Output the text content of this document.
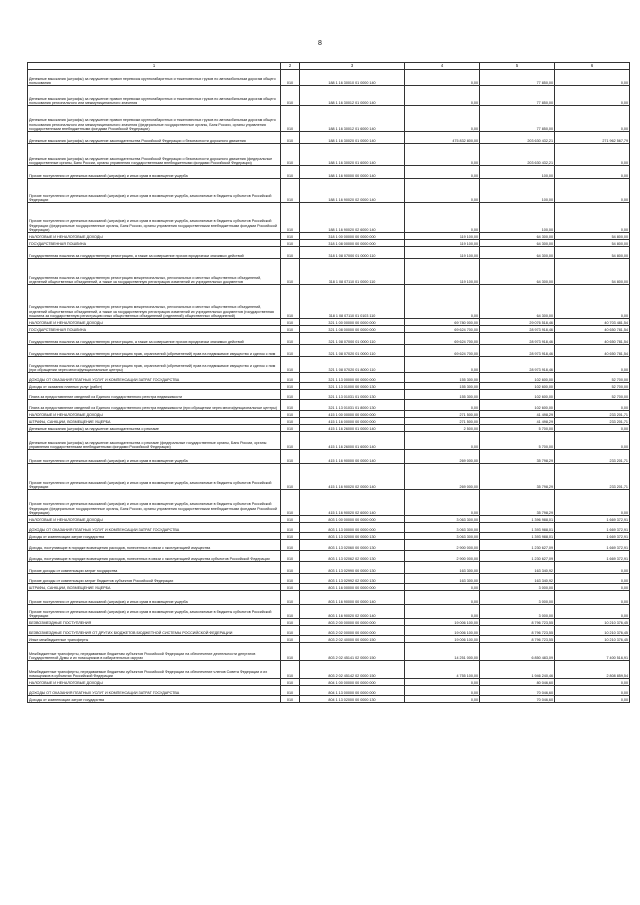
8
1	2	3	4	5	6
Денежные взыскания (штрафы) за нарушение правил перевозок крупногабаритных и тяжеловесных грузов по автомобильным дорогам общего пользования	010	188 1 16 30010 01 0000 140	0,00	77 850,00	0,00
Денежные взыскания (штрафы) за нарушение правил перевозки крупногабаритных и тяжеловесных грузов по автомобильным дорогам общего пользования регионального или межмуниципального значения	010	188 1 16 30012 01 0000 140	0,00	77 850,00	0,00
Денежные взыскания (штрафы) за нарушение правил перевозки крупногабаритных и тяжеловесных грузов по автомобильным дорогам общего пользования регионального или межмуниципального значения (федеральные государственные органы, Банк России, органы управления государственными внебюджетными фондами Российской Федерации)	010	188 1 16 30012 01 6000 140	0,00	77 850,00	0,00
Денежные взыскания (штрафы) за нарушение законодательства Российской Федерации о безопасности дорожного движения	010	188 1 16 30020 01 0000 140	475 832 800,00	203 630 432,21	271 962 567,79
Денежные взыскания (штрафы) за нарушение законодательства Российской Федерации о безопасности дорожного движения (федеральные государственные органы, Банк России, органы управления государственными внебюджетными фондами Российской Федерации)	010	188 1 16 30020 01 6000 140	0,00	203 630 432,21	0,00
Прочие поступления от денежных взысканий (штрафов) и иных сумм в возмещение ущерба	010	188 1 16 90000 00 0000 140	0,00	100,00	0,00
Прочие поступления от денежных взысканий (штрафов) и иных сумм в возмещение ущерба, зачисляемые в бюджеты субъектов Российской Федерации	010	188 1 16 90020 02 0000 140	0,00	100,00	0,00
Прочие поступления от денежных взысканий (штрафов) и иных сумм в возмещение ущерба, зачисляемые в бюджеты субъектов Российской Федерации (федеральные государственные органы, Банк России, органы управления государственными внебюджетными фондами Российской Федерации)	010	188 1 16 90020 02 6000 140	0,00	100,00	0,00
НАЛОГОВЫЕ И НЕНАЛОГОВЫЕ ДОХОДЫ	010	318 1 00 00000 00 0000 000	119 100,00	64 300,00	54 800,00
ГОСУДАРСТВЕННАЯ ПОШЛИНА	010	318 1 08 00000 00 0000 000	119 100,00	64 300,00	54 800,00
Государственная пошлина за государственную регистрацию, а также за совершение прочих юридически значимых действий	010	318 1 08 07000 01 0000 110	119 100,00	64 300,00	54 800,00
Государственная пошлина за государственную регистрацию межрегиональных, региональных и местных общественных объединений, отделений общественных объединений, а также за государственную регистрацию изменений их учредительных документов	010	318 1 08 07110 01 0000 110	119 100,00	64 300,00	54 800,00
Государственная пошлина за государственную регистрацию межрегиональных, региональных и местных общественных объединений, отделений общественных объединений, а также за государственную регистрацию изменений их учредительных документов (государственная пошлина за государственную регистрацию иных общественных объединений (отделений) общественных объединений)	010	318 1 08 07110 01 0103 110	0,00	64 300,00	0,00
НАЛОГОВЫЕ И НЕНАЛОГОВЫЕ ДОХОДЫ	010	321 1 00 00000 00 0000 000	69 780 000,00	29 076 518,46	40 703 481,54
ГОСУДАРСТВЕННАЯ ПОШЛИНА	010	321 1 08 00000 00 0000 000	69 624 700,00	28 973 918,46	40 650 781,54
Государственная пошлина за государственную регистрацию, а также за совершение прочих юридически значимых действий	010	321 1 08 07000 01 0000 110	69 624 700,00	28 973 918,46	40 650 781,54
Государственная пошлина за государственную регистрацию прав, ограничений (обременений) прав на недвижимое имущество и сделок с ним	010	321 1 08 07020 01 0000 110	69 624 700,00	28 973 918,46	40 650 781,54
Государственная пошлина за государственную регистрацию прав, ограничений (обременений) прав на недвижимое имущество и сделок с ним (при обращении через многофункциональные центры)	010	321 1 08 07020 01 8000 110	0,00	28 973 918,46	0,00
ДОХОДЫ ОТ ОКАЗАНИЯ ПЛАТНЫХ УСЛУГ И КОМПЕНСАЦИИ ЗАТРАТ ГОСУДАРСТВА	010	321 1 13 00000 00 0000 000	155 300,00	102 600,00	52 700,00
Доходы от оказания платных услуг (работ)	010	321 1 13 01000 00 0000 130	155 300,00	102 600,00	52 700,00
Плата за предоставление сведений из Единого государственного реестра недвижимости	010	321 1 13 01031 01 0000 130	155 300,00	102 600,00	52 700,00
Плата за предоставление сведений из Единого государственного реестра недвижимости (при обращении через многофункциональные центры)	010	321 1 13 01031 01 8000 130	0,00	102 600,00	0,00
НАЛОГОВЫЕ И НЕНАЛОГОВЫЕ ДОХОДЫ	010	415 1 00 00000 00 0000 000	271 500,00	41 498,29	233 201,71
ШТРАФЫ, САНКЦИИ, ВОЗМЕЩЕНИЕ УЩЕРБА	010	415 1 16 00000 00 0000 000	271 500,00	41 498,29	233 201,71
Денежные взыскания (штрафы) за нарушение законодательства о рекламе	010	415 1 16 26000 01 0000 140	2 500,00	5 700,00	0,00
Денежные взыскания (штрафы) за нарушение законодательства о рекламе (федеральные государственные органы, Банк России, органы управления государственными внебюджетными фондами Российской Федерации)	010	415 1 16 26000 01 6000 140	0,00	5 700,00	0,00
Прочие поступления от денежных взысканий (штрафов) и иных сумм в возмещение ущерба	010	415 1 16 90000 00 0000 140	269 000,00	35 798,29	233 201,71
Прочие поступления от денежных взысканий (штрафов) и иных сумм в возмещение ущерба, зачисляемые в бюджеты субъектов Российской Федерации	010	415 1 16 90020 02 0000 140	269 000,00	35 798,29	233 201,71
Прочие поступления от денежных взысканий (штрафов) и иных сумм в возмещение ущерба, зачисляемые в бюджеты субъектов Российской Федерации (федеральные государственные органы, Банк России, органы управления государственными внебюджетными фондами Российской Федерации)	010	415 1 16 90020 02 6000 140	0,00	35 798,29	0,00
НАЛОГОВЫЕ И НЕНАЛОГОВЫЕ ДОХОДЫ	010	803 1 00 00000 00 0000 000	3 063 300,00	1 396 988,01	1 669 372,91
ДОХОДЫ ОТ ОКАЗАНИЯ ПЛАТНЫХ УСЛУГ И КОМПЕНСАЦИИ ЗАТРАТ ГОСУДАРСТВА	010	803 1 13 00000 00 0000 000	3 063 300,00	1 393 988,01	1 669 372,91
Доходы от компенсации затрат государства	010	803 1 13 02000 00 0000 130	3 063 300,00	1 393 988,01	1 669 372,91
Доходы, поступающие в порядке возмещения расходов, понесенных в связи с эксплуатацией имущества	010	803 1 13 02060 00 0000 130	2 900 000,00	1 230 627,09	1 669 372,91
Доходы, поступающие в порядке возмещения расходов, понесенных в связи с эксплуатацией имущества субъектов Российской Федерации	010	803 1 13 02062 02 0000 130	2 900 000,00	1 230 627,09	1 669 372,91
Прочие доходы от компенсации затрат государства	010	803 1 13 02990 00 0000 130	163 300,00	163 340,92	0,00
Прочие доходы от компенсации затрат бюджетов субъектов Российской Федерации	010	803 1 13 02992 02 0000 130	163 300,00	163 340,92	0,00
ШТРАФЫ, САНКЦИИ, ВОЗМЕЩЕНИЕ УЩЕРБА	010	803 1 16 00000 00 0000 000	0,00	3 000,00	0,00
Прочие поступления от денежных взысканий (штрафов) и иных сумм в возмещение ущерба	010	803 1 16 90000 00 0000 140	0,00	3 000,00	0,00
Прочие поступления от денежных взысканий (штрафов) и иных сумм в возмещение ущерба, зачисляемые в бюджеты субъектов Российской Федерации	010	803 1 16 90020 02 0000 140	0,00	3 000,00	0,00
БЕЗВОЗМЕЗДНЫЕ ПОСТУПЛЕНИЯ	010	803 2 00 00000 00 0000 000	19 006 100,00	8 796 723,55	10 210 376,45
БЕЗВОЗМЕЗДНЫЕ ПОСТУПЛЕНИЯ ОТ ДРУГИХ БЮДЖЕТОВ БЮДЖЕТНОЙ СИСТЕМЫ РОССИЙСКОЙ ФЕДЕРАЦИИ	010	803 2 02 00000 00 0000 000	19 006 100,00	8 796 723,55	10 210 376,45
Иные межбюджетные трансферты	010	803 2 02 40000 00 0000 150	19 006 100,00	8 796 723,55	10 210 376,45
Межбюджетные трансферты, передаваемые бюджетам субъектов Российской Федерации на обеспечение деятельности депутатов Государственной Думы и их помощников в избирательных округах	010	803 2 02 45141 02 0000 150	14 251 000,00	6 850 483,09	7 400 516,91
Межбюджетные трансферты, передаваемые бюджетам субъектов Российской Федерации на обеспечение членов Совета Федерации и их помощников в субъектах Российской Федерации	010	803 2 02 45142 02 0000 150	4 755 100,00	1 946 240,46	2 808 859,54
НАЛОГОВЫЕ И НЕНАЛОГОВЫЕ ДОХОДЫ	010	804 1 00 00000 00 0000 000	0,00	80 046,60	0,00
ДОХОДЫ ОТ ОКАЗАНИЯ ПЛАТНЫХ УСЛУГ И КОМПЕНСАЦИИ ЗАТРАТ ГОСУДАРСТВА	010	804 1 13 00000 00 0000 000	0,00	70 046,60	0,00
Доходы от компенсации затрат государства	010	804 1 13 02000 00 0000 130	0,00	70 046,60	0,00
